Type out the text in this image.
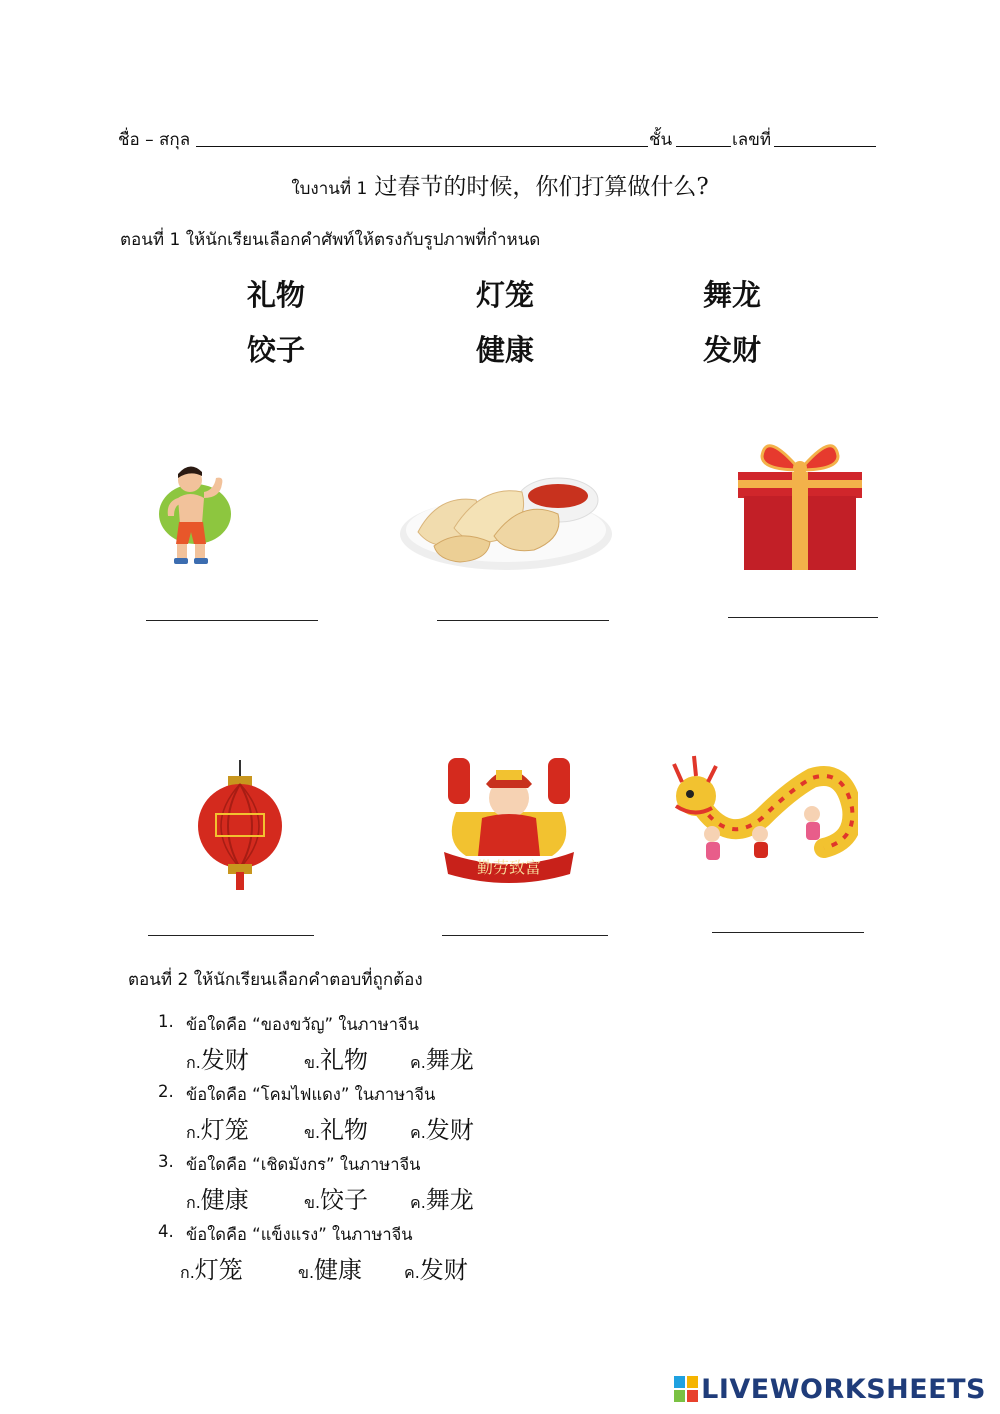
ชื่อ – สกุล	ชั้น	เลขที่
ใบงานที่ 1 过春节的时候，你们打算做什么?
ตอนที่ 1 ให้นักเรียนเลือกคำศัพท์ให้ตรงกับรูปภาพที่กำหนด
礼物	灯笼	舞龙
饺子	健康	发财
勤劳致富
ตอนที่ 2 ให้นักเรียนเลือกคำตอบที่ถูกต้อง
1. ข้อใดคือ “ของขวัญ” ในภาษาจีน
ก.发财	ข.礼物	ค.舞龙
2. ข้อใดคือ “โคมไฟแดง” ในภาษาจีน
ก.灯笼	ข.礼物	ค.发财
3. ข้อใดคือ “เชิดมังกร” ในภาษาจีน
ก.健康	ข.饺子	ค.舞龙
4. ข้อใดคือ “แข็งแรง” ในภาษาจีน
ก.灯笼	ข.健康	ค.发财
LIVEWORKSHEETS
